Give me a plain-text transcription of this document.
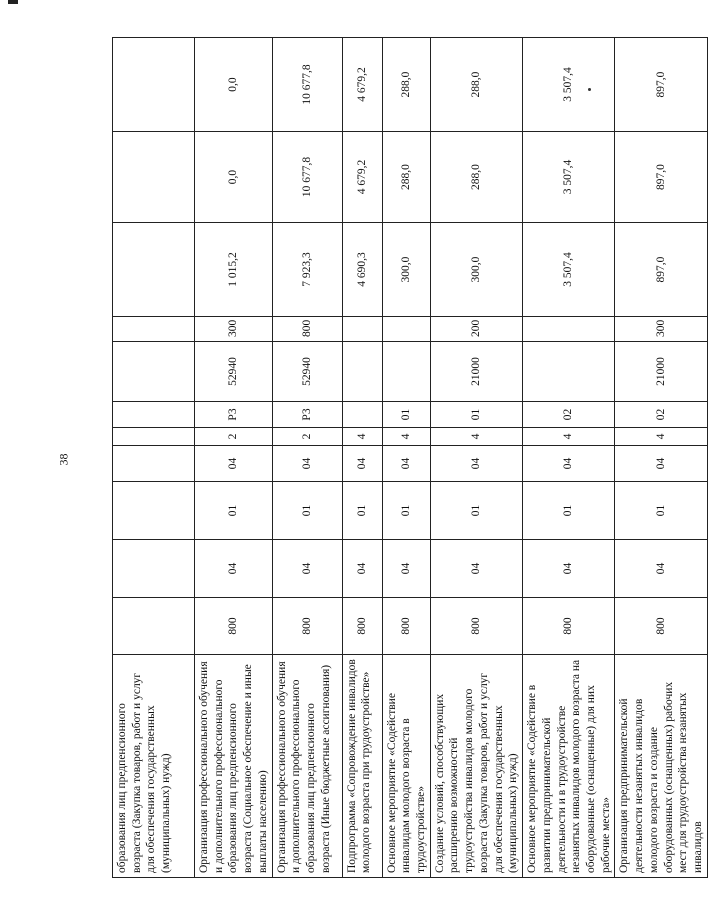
38
образования лиц предпенсионного возраста (Закупка товаров, работ и услуг для обеспечения государственных (муниципальных) нужд)											
Организация профессионального обучения и дополнительного профессионального образования лиц предпенсионного возраста (Социальное обеспечение и иные выплаты населению)	800	04	01	04	2	P3	52940	300	1 015,2	0,0	0,0
Организация профессионального обучения и дополнительного профессионального образования лиц предпенсионного возраста (Иные бюджетные ассигнования)	800	04	01	04	2	P3	52940	800	7 923,3	10 677,8	10 677,8
Подпрограмма «Сопровождение инвалидов молодого возраста при трудоустройстве»	800	04	01	04	4				4 690,3	4 679,2	4 679,2
Основное мероприятие «Содействие инвалидам молодого возраста в трудоустройстве»	800	04	01	04	4	01			300,0	288,0	288,0
Создание условий, способствующих расширению возможностей трудоустройства инвалидов молодого возраста (Закупка товаров, работ и услуг для обеспечения государственных (муниципальных) нужд)	800	04	01	04	4	01	21000	200	300,0	288,0	288,0
Основное мероприятие «Содействие в развитии предпринимательской деятельности и в трудоустройстве незанятых инвалидов молодого возраста на оборудованные (оснащенные) для них рабочие места»	800	04	01	04	4	02			3 507,4	3 507,4	3 507,4
Организация предпринимательской деятельности незанятых инвалидов молодого возраста и создание оборудованных (оснащенных) рабочих мест для трудоустройства незанятых инвалидов	800	04	01	04	4	02	21000	300	897,0	897,0	897,0
